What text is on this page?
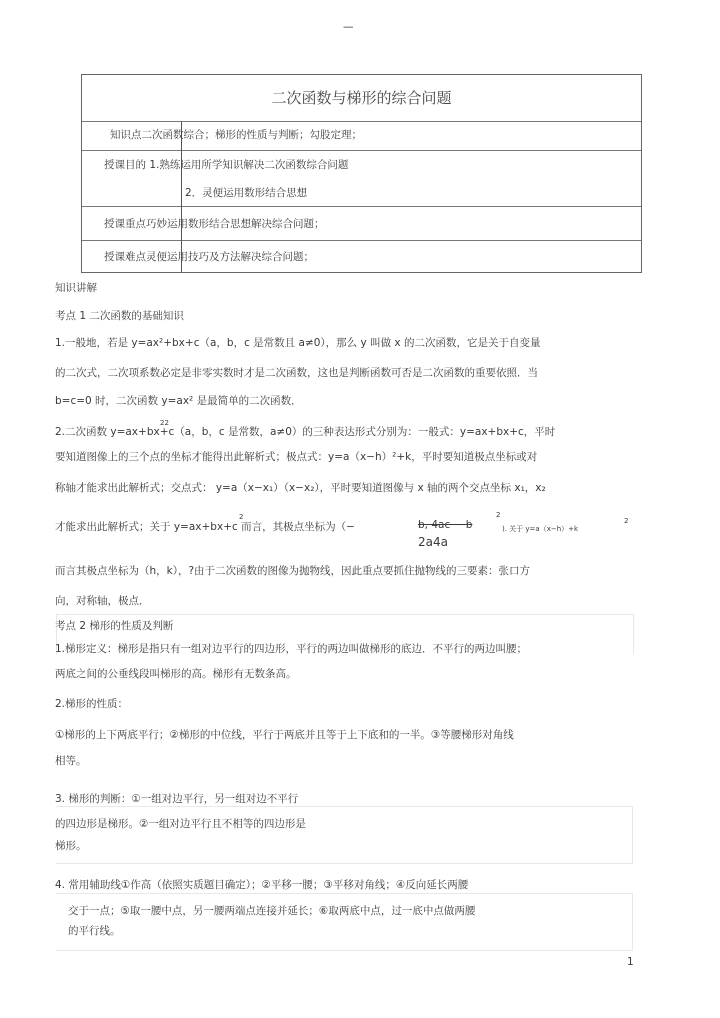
—
二次函数与梯形的综合问题
知识点二次函数综合；梯形的性质与判断；勾股定理；
授课目的 1.熟练运用所学知识解决二次函数综合问题
2．灵便运用数形结合思想
授课重点巧妙运用数形结合思想解决综合问题；
授课难点灵便运用技巧及方法解决综合问题；
知识讲解
考点 1 二次函数的基础知识
1.一般地，若是 y=ax²+bx+c（a，b，c 是常数且 a≠0），那么 y 叫做 x 的二次函数，它是关于自变量
的二次式，二次项系数必定是非零实数时才是二次函数，这也是判断函数可否是二次函数的重要依照．当
b=c=0 时，二次函数 y=ax² 是最简单的二次函数．
22
2.二次函数 y=ax+bx+c（a，b，c 是常数，a≠0）的三种表达形式分别为：一般式：y=ax+bx+c，平时
要知道图像上的三个点的坐标才能得出此解析式；极点式：y=a（x−h）²+k，平时要知道极点坐标或对
称轴才能求出此解析式；交点式： y=a（x−x₁）（x−x₂），平时要知道图像与 x 轴的两个交点坐标 x₁，x₂
2
才能求出此解析式；关于 y=ax+bx+c 而言，其极点坐标为（−
2
b, 4ac − b
2a4a
). 关于 y=a（x−h）+k
2
而言其极点坐标为（h，k），?由于二次函数的图像为抛物线，因此重点要抓住抛物线的三要素：张口方
向，对称轴，极点．
考点 2 梯形的性质及判断
1.梯形定义：梯形是指只有一组对边平行的四边形，平行的两边叫做梯形的底边．不平行的两边叫腰；
两底之间的公垂线段叫梯形的高。梯形有无数条高。
2.梯形的性质：
①梯形的上下两底平行；②梯形的中位线，平行于两底并且等于上下底和的一半。③等腰梯形对角线
相等。
3. 梯形的判断：①一组对边平行，另一组对边不平行
的四边形是梯形。②一组对边平行且不相等的四边形是
梯形。
4. 常用辅助线①作高（依照实质题目确定）；②平移一腰；③平移对角线；④反向延长两腰
交于一点；⑤取一腰中点，另一腰两端点连接并延长；⑥取两底中点，过一底中点做两腰
的平行线。
1
